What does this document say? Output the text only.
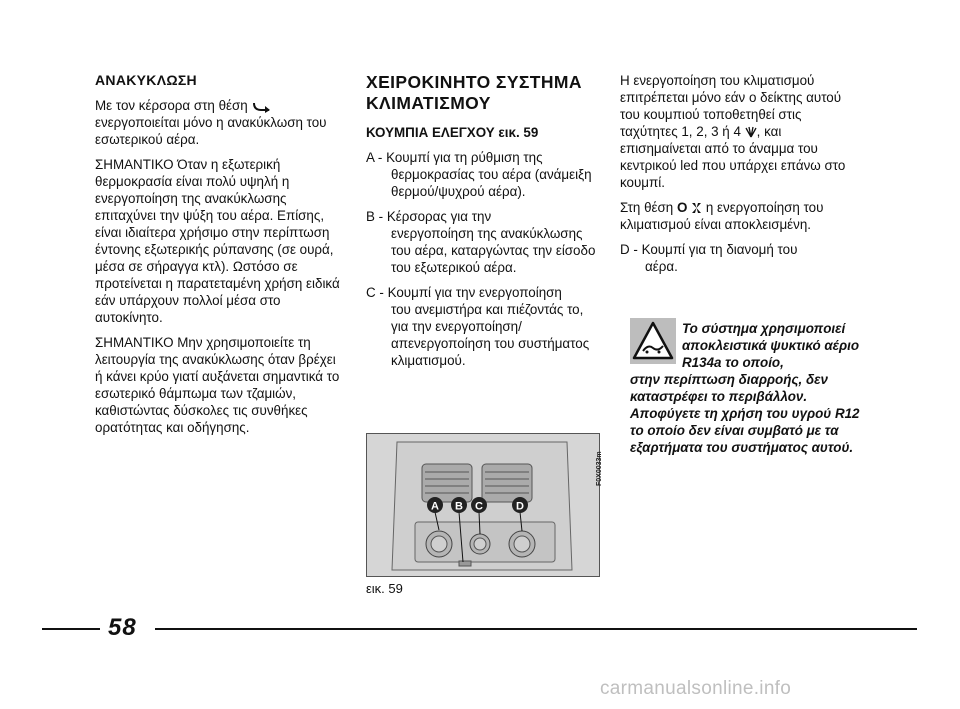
ΑΝΑΚΥΚΛΩΣΗ

Με τον κέρσορα στη θέση  ενεργοποιείται μόνο η ανακύκλωση του εσωτερικού αέρα.

ΣΗΜΑΝΤΙΚΟ Όταν η εξωτερική θερμοκρασία είναι πολύ υψηλή η ενεργοποίηση της ανακύκλωσης επιταχύνει την ψύξη του αέρα. Επίσης, είναι ιδιαίτερα χρήσιμο στην περίπτωση έντονης εξωτερικής ρύπανσης (σε ουρά, μέσα σε σήραγγα κτλ). Ωστόσο σε προτείνεται η παρατεταμένη χρήση ειδικά εάν υπάρχουν πολλοί μέσα στο αυτοκίνητο.

ΣΗΜΑΝΤΙΚΟ Μην χρησιμοποιείτε τη λειτουργία της ανακύκλωσης όταν βρέχει ή κάνει κρύο γιατί αυξάνεται σημαντικά το εσωτερικό θάμπωμα των τζαμιών, καθιστώντας δύσκολες τις συνθήκες ορατότητας και οδήγησης.

ΧΕΙΡΟΚΙΝΗΤΟ ΣΥΣΤΗΜΑ ΚΛΙΜΑΤΙΣΜΟΥ
ΚΟΥΜΠΙΑ ΕΛΕΓΧΟΥ εικ. 59
A - Κουμπί για τη ρύθμιση της
θερμοκρασίας του αέρα (ανάμειξη θερμού/ψυχρού αέρα).
B - Κέρσορας για την
ενεργοποίηση της ανακύκλωσης του αέρα, καταργώντας την είσοδο του εξωτερικού αέρα.
C - Κουμπί για την ενεργοποίηση
του ανεμιστήρα και πιέζοντάς το, για την ενεργοποίηση/απενεργοποίηση του συστήματος κλιματισμού.
A B C	D
F0X0033m
εικ. 59

Η ενεργοποίηση του κλιματισμού επιτρέπεται μόνο εάν ο δείκτης αυτού του κουμπιού τοποθετηθεί στις ταχύτητες 1, 2, 3 ή 4 , και επισημαίνεται από το άναμμα του κεντρικού led που υπάρχει επάνω στο κουμπί.

Στη θέση O η ενεργοποίηση του κλιματισμού είναι αποκλεισμένη.

D - Κουμπί για τη διανομή του
αέρα.
Το σύστημα χρησιμοποιεί αποκλειστικά ψυκτικό αέριο R134a το οποίο,
στην περίπτωση διαρροής, δεν καταστρέφει το περιβάλλον. Αποφύγετε τη χρήση του υγρού R12 το οποίο δεν είναι συμβατό με τα εξαρτήματα του συστήματος αυτού.
58
carmanualsonline.info
